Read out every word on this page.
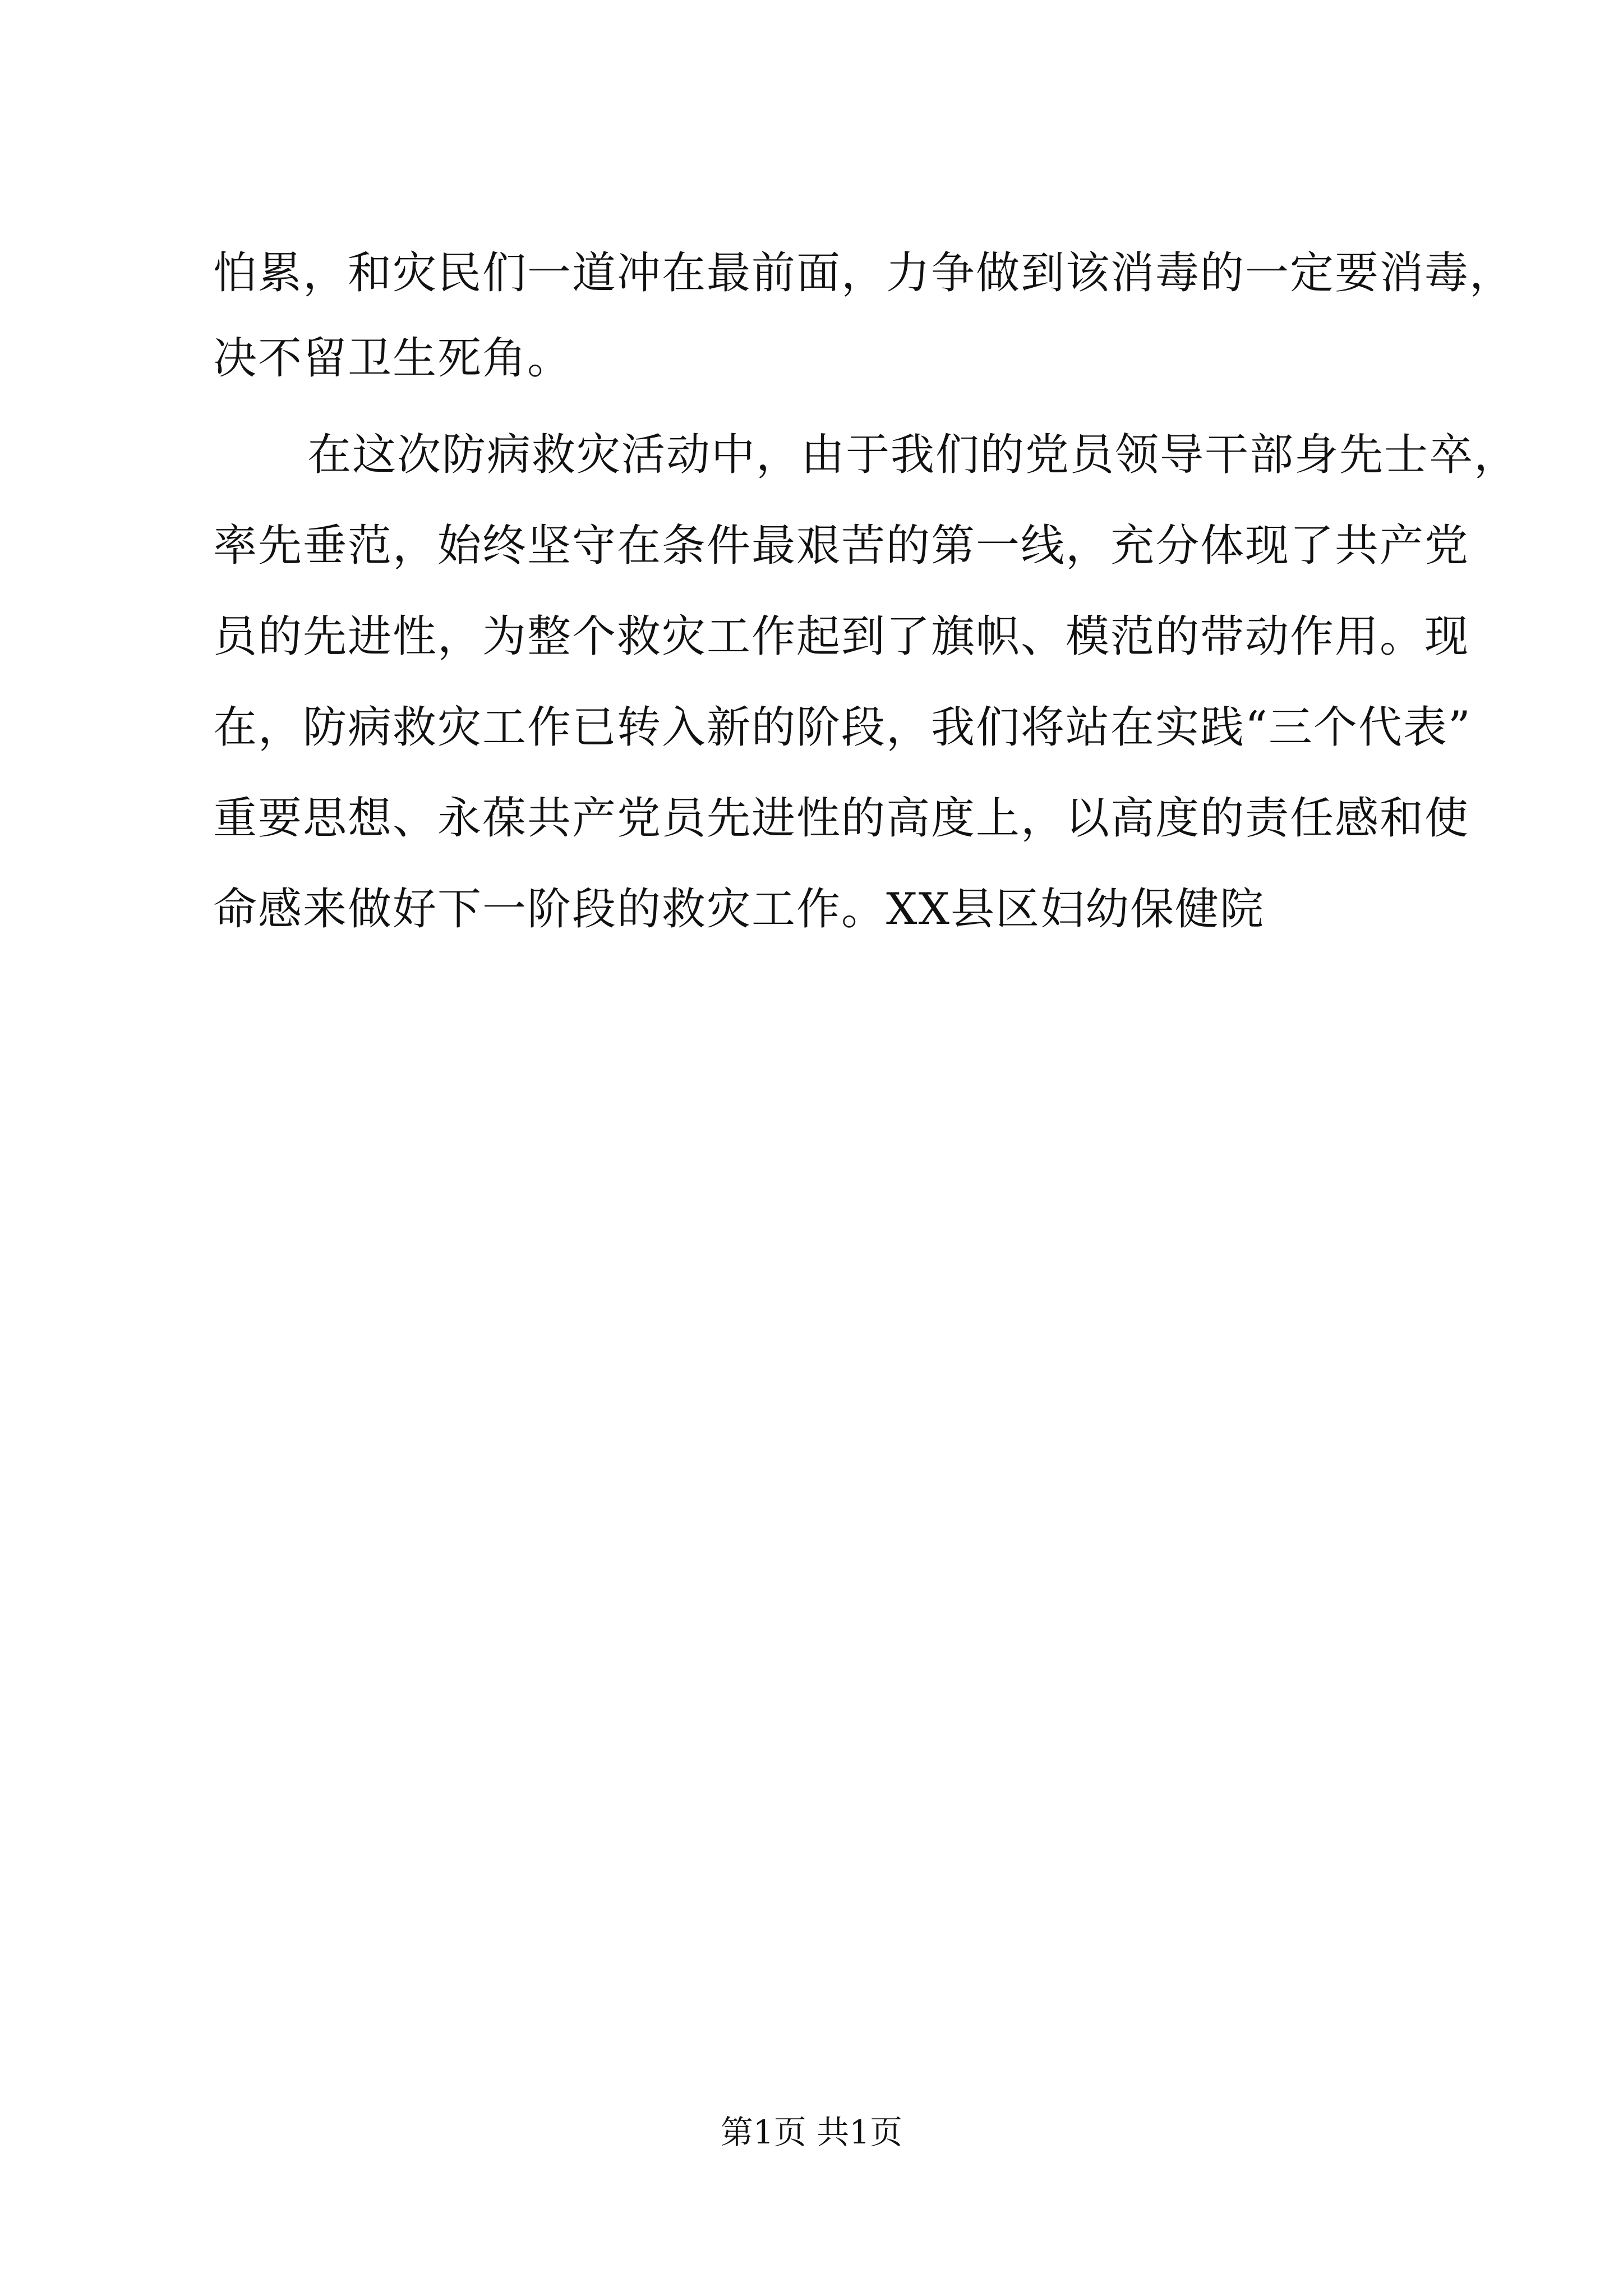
怕累，和灾民们一道冲在最前面，力争做到该消毒的一定要消毒，
决不留卫生死角。
在这次防病救灾活动中，由于我们的党员领导干部身先士卒，
率先垂范，始终坚守在条件最艰苦的第一线，充分体现了共产党
员的先进性，为整个救灾工作起到了旗帜、模范的带动作用。现
在，防病救灾工作已转入新的阶段，我们将站在实践“三个代表”
重要思想、永葆共产党员先进性的高度上，以高度的责任感和使
命感来做好下一阶段的救灾工作。XX县区妇幼保健院
第1页 共1页
